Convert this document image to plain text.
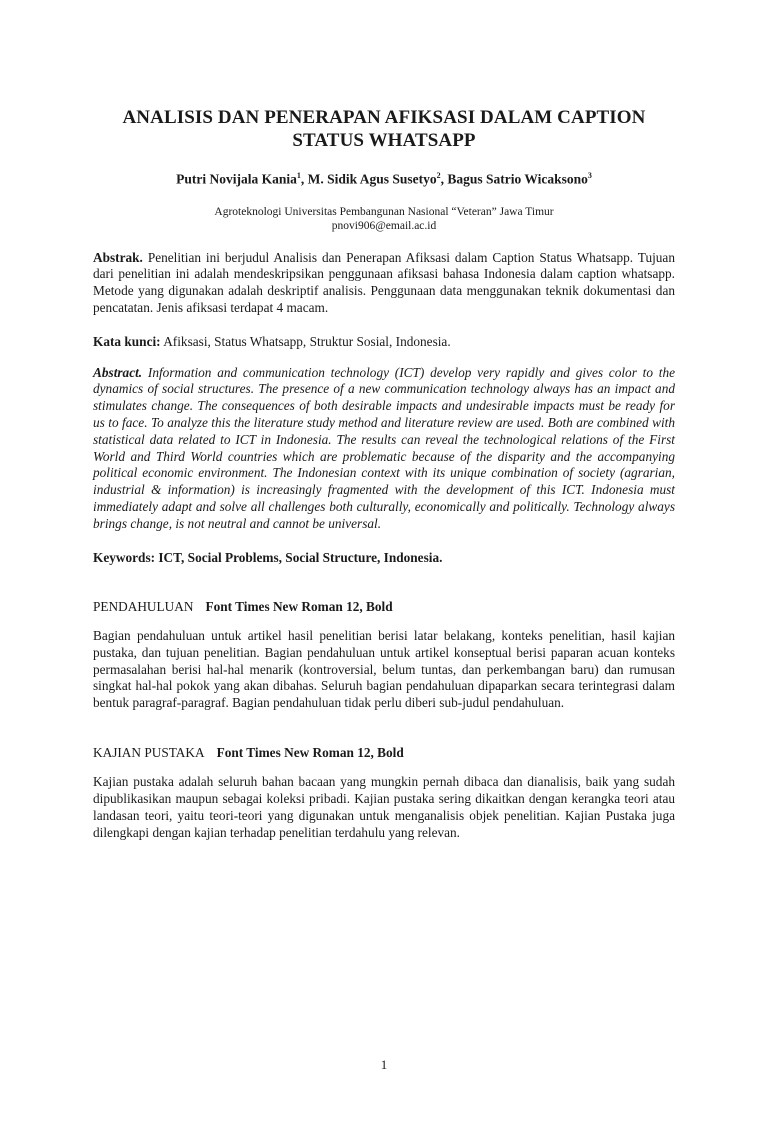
ANALISIS DAN PENERAPAN AFIKSASI DALAM CAPTION STATUS WHATSAPP

Putri Novijala Kania$^1$, M. Sidik Agus Susetyo$^2$, Bagus Satrio Wicaksono$^3$

Agroteknologi Universitas Pembangunan Nasional “Veteran” Jawa Timur
pnovi906@email.ac.id

Abstrak. Penelitian ini berjudul Analisis dan Penerapan Afiksasi dalam Caption Status Whatsapp. Tujuan dari penelitian ini adalah mendeskripsikan penggunaan afiksasi bahasa Indonesia dalam caption whatsapp. Metode yang digunakan adalah deskriptif analisis. Penggunaan data menggunakan teknik dokumentasi dan pencatatan. Jenis afiksasi terdapat 4 macam.

Kata kunci: Afiksasi, Status Whatsapp, Struktur Sosial, Indonesia.

Abstract. Information and communication technology (ICT) develop very rapidly and gives color to the dynamics of social structures. The presence of a new communication technology always has an impact and stimulates change. The consequences of both desirable impacts and undesirable impacts must be ready for us to face. To analyze this the literature study method and literature review are used. Both are combined with statistical data related to ICT in Indonesia. The results can reveal the technological relations of the First World and Third World countries which are problematic because of the disparity and the accompanying political economic environment. The Indonesian context with its unique combination of society (agrarian, industrial & information) is increasingly fragmented with the development of this ICT. Indonesia must immediately adapt and solve all challenges both culturally, economically and politically. Technology always brings change, is not neutral and cannot be universal.

Keywords: ICT, Social Problems, Social Structure, Indonesia.

PENDAHULUAN Font Times New Roman 12, Bold

Bagian pendahuluan untuk artikel hasil penelitian berisi latar belakang, konteks penelitian, hasil kajian pustaka, dan tujuan penelitian. Bagian pendahuluan untuk artikel konseptual berisi paparan acuan konteks permasalahan berisi hal-hal menarik (kontroversial, belum tuntas, dan perkembangan baru) dan rumusan singkat hal-hal pokok yang akan dibahas. Seluruh bagian pendahuluan dipaparkan secara terintegrasi dalam bentuk paragraf-paragraf. Bagian pendahuluan tidak perlu diberi sub-judul pendahuluan.

KAJIAN PUSTAKA Font Times New Roman 12, Bold

Kajian pustaka adalah seluruh bahan bacaan yang mungkin pernah dibaca dan dianalisis, baik yang sudah dipublikasikan maupun sebagai koleksi pribadi. Kajian pustaka sering dikaitkan dengan kerangka teori atau landasan teori, yaitu teori-teori yang digunakan untuk menganalisis objek penelitian. Kajian Pustaka juga dilengkapi dengan kajian terhadap penelitian terdahulu yang relevan.

1
